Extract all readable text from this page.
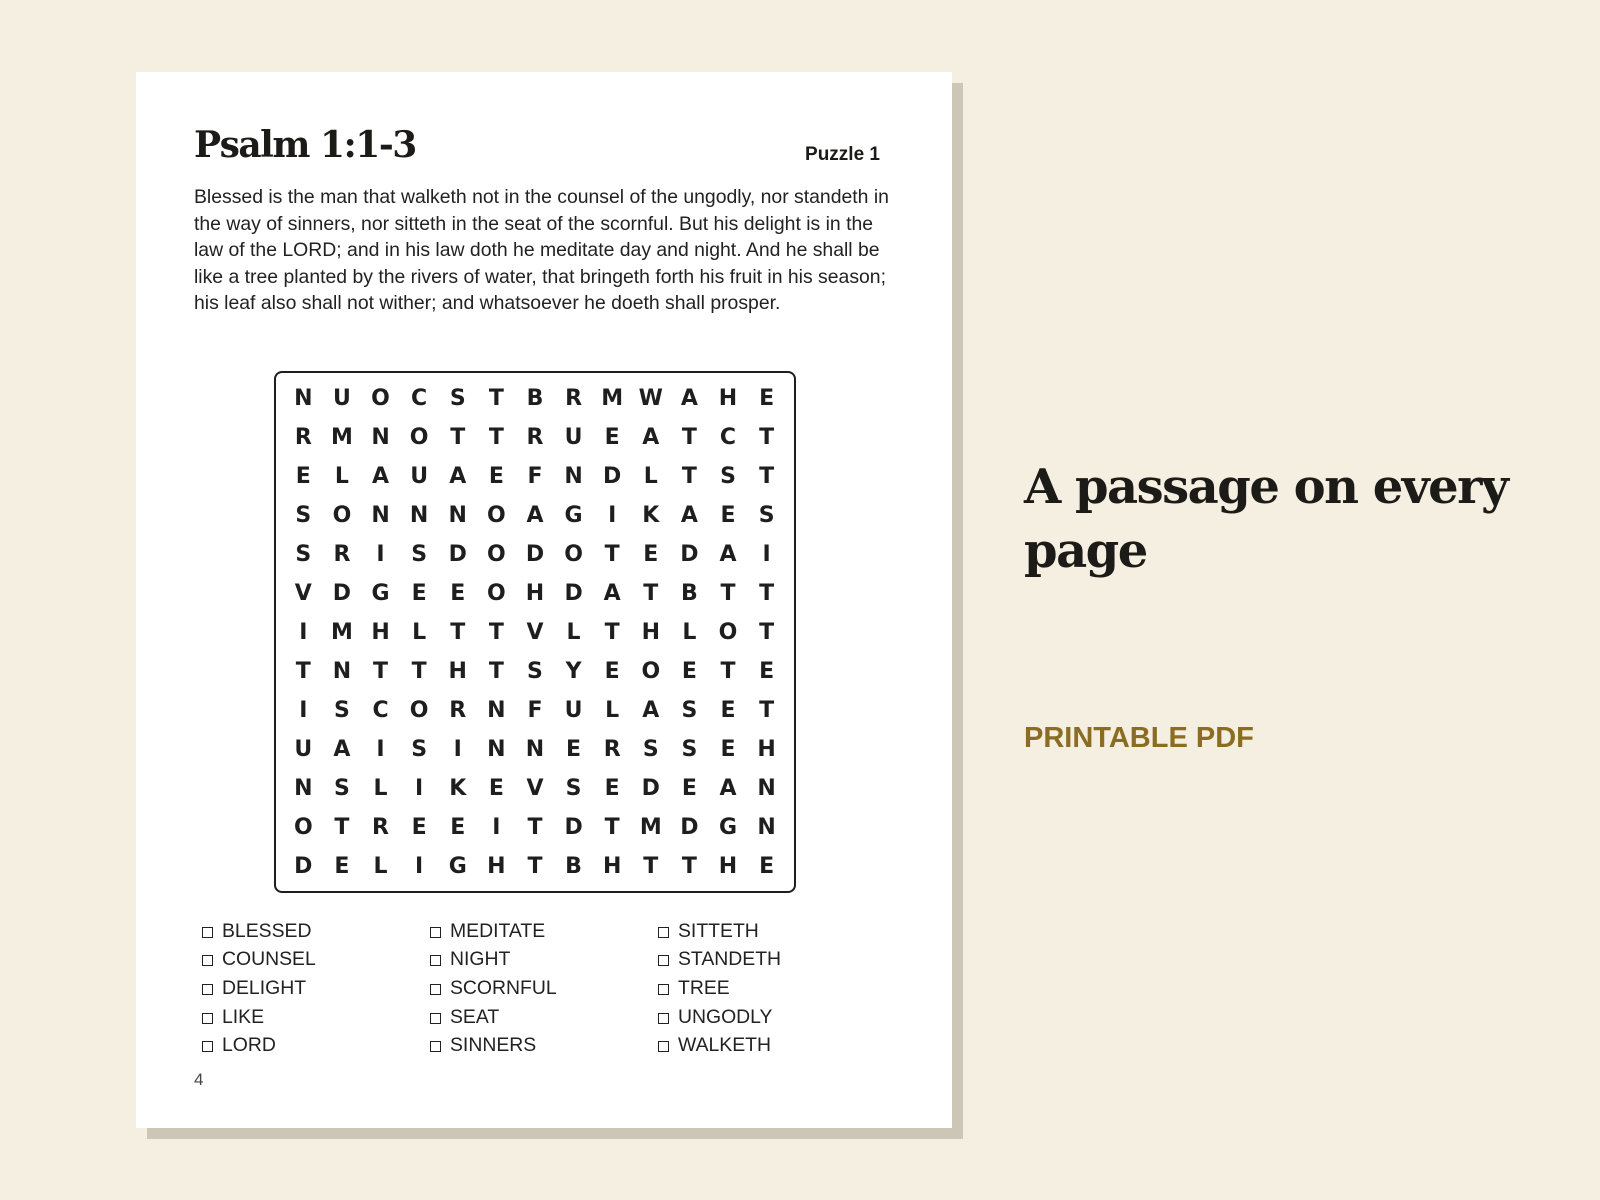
Psalm 1:1-3	Puzzle 1

Blessed is the man that walketh not in the counsel of the ungodly, nor standeth in the way of sinners, nor sitteth in the seat of the scornful. But his delight is in the law of the LORD; and in his law doth he meditate day and night. And he shall be like a tree planted by the rivers of water, that bringeth forth his fruit in his season; his leaf also shall not wither; and whatsoever he doeth shall prosper.

N U O C	S	T	B R M W A H E
R M N O T	T	R U	E	A	T	C	T
E	L	A U A	E	F N D	L	T	S	T
S O N N N O A G	I	K A	E	S
S	R	I	S D O D O T	E D A	I
V D G	E	E O H D A	T	B	T	T
I	M H	L	T	T	V	L	T H	L	O T
T N T	T H T	S	Y	E O E	T	E
I	S	C O R N F	U	L	A	S	E	T
U A	I	S	I	N N E	R	S	S	E H
N S	L	I	K	E	V	S	E D E	A N
O T	R	E	E	I	T D T M D G N
D E	L	I	G H T	B H T	T H E
BLESSED
COUNSEL
DELIGHT
LIKE
LORD
MEDITATE
NIGHT
SCORNFUL
SEAT
SINNERS
SITTETH
STANDETH
TREE
UNGODLY
WALKETH
4
A passage on every page
PRINTABLE PDF
